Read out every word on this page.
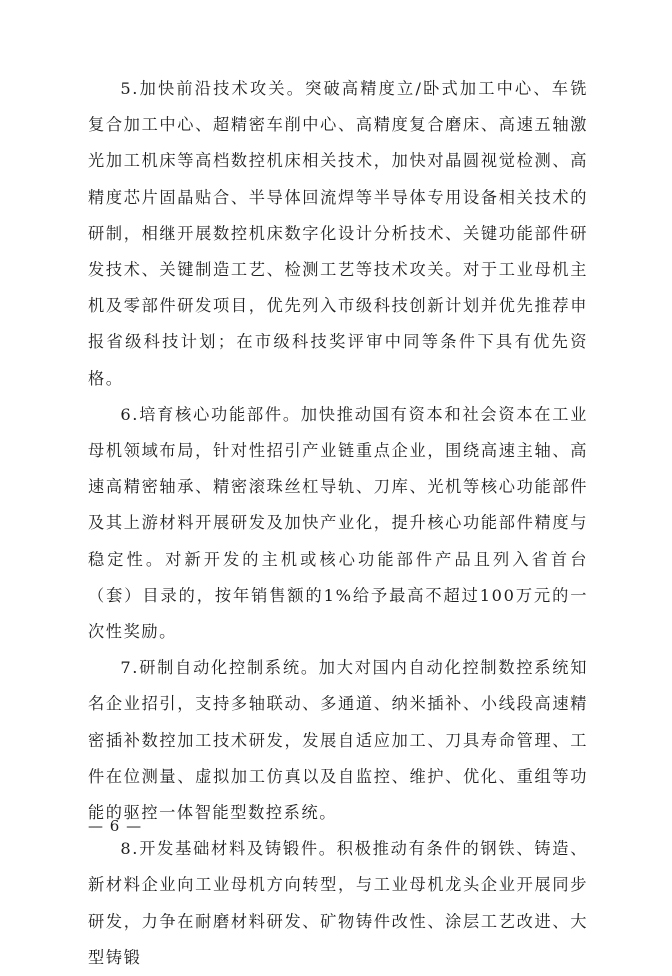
5.加快前沿技术攻关。突破高精度立/卧式加工中心、车铣复合加工中心、超精密车削中心、高精度复合磨床、高速五轴激光加工机床等高档数控机床相关技术，加快对晶圆视觉检测、高精度芯片固晶贴合、半导体回流焊等半导体专用设备相关技术的研制，相继开展数控机床数字化设计分析技术、关键功能部件研发技术、关键制造工艺、检测工艺等技术攻关。对于工业母机主机及零部件研发项目，优先列入市级科技创新计划并优先推荐申报省级科技计划；在市级科技奖评审中同等条件下具有优先资格。

6.培育核心功能部件。加快推动国有资本和社会资本在工业母机领域布局，针对性招引产业链重点企业，围绕高速主轴、高速高精密轴承、精密滚珠丝杠导轨、刀库、光机等核心功能部件及其上游材料开展研发及加快产业化，提升核心功能部件精度与稳定性。对新开发的主机或核心功能部件产品且列入省首台（套）目录的，按年销售额的1%给予最高不超过100万元的一次性奖励。

7.研制自动化控制系统。加大对国内自动化控制数控系统知名企业招引，支持多轴联动、多通道、纳米插补、小线段高速精密插补数控加工技术研发，发展自适应加工、刀具寿命管理、工件在位测量、虚拟加工仿真以及自监控、维护、优化、重组等功能的驱控一体智能型数控系统。

8.开发基础材料及铸锻件。积极推动有条件的钢铁、铸造、新材料企业向工业母机方向转型，与工业母机龙头企业开展同步研发，力争在耐磨材料研发、矿物铸件改性、涂层工艺改进、大型铸锻

— 6 —
